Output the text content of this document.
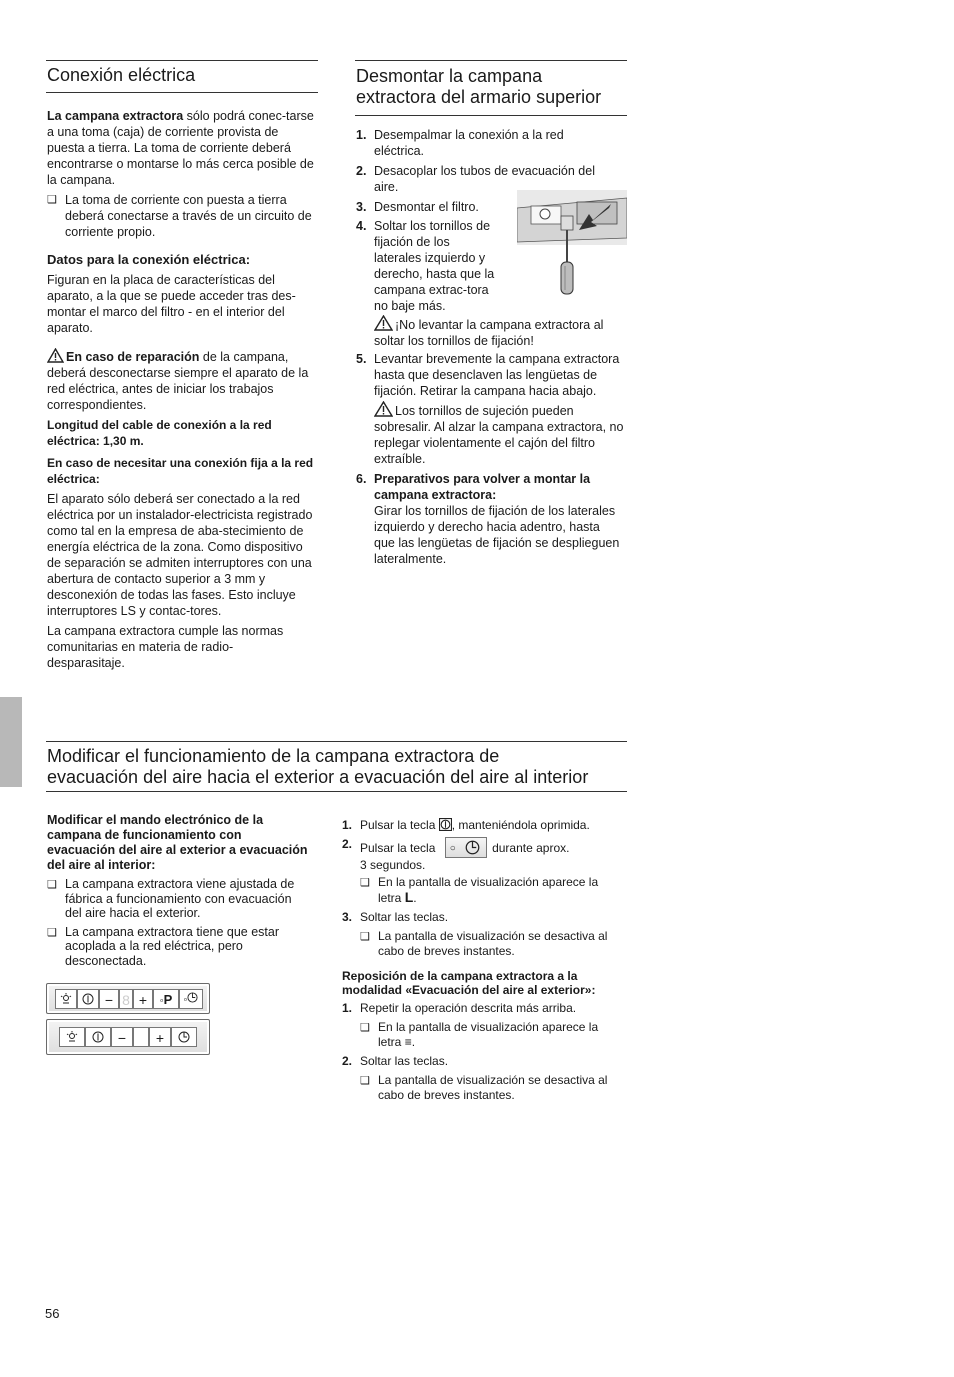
Conexión eléctrica

La campana extractora sólo podrá conec-tarse a una toma (caja) de corriente provista de puesta a tierra. La toma de corriente deberá encontrarse o montarse lo más cerca posible de la campana.

❑ La toma de corriente con puesta a tierra deberá conectarse a través de un circuito de corriente propio.

Datos para la conexión eléctrica:

Figuran en la placa de características del aparato, a la que se puede acceder tras des-montar el marco del filtro - en el interior del aparato.

En caso de reparación de la campana, deberá desconectarse siempre el aparato de la red eléctrica, antes de iniciar los trabajos correspondientes.

Longitud del cable de conexión a la red eléctrica: 1,30 m.

En caso de necesitar una conexión fija a la red eléctrica:

El aparato sólo deberá ser conectado a la red eléctrica por un instalador-electricista registrado como tal en la empresa de aba-stecimiento de energía eléctrica de la zona. Como dispositivo de separación se admiten interruptores con una abertura de contacto superior a 3 mm y desconexión de todas las fases. Esto incluye interruptores LS y contac-tores.

La campana extractora cumple las normas comunitarias en materia de radio-desparasitaje.

Desmontar la campana
extractora del armario superior
1. Desempalmar la conexión a la red eléctrica.
2. Desacoplar los tubos de evacuación del aire.
3. Desmontar el filtro.
4. Soltar los tornillos de fijación de los laterales izquierdo y derecho, hasta que la campana extrac-tora no baje más.
¡No levantar la campana extractora al soltar los tornillos de fijación!
5. Levantar brevemente la campana extractora hasta que desenclaven las lengüetas de fijación. Retirar la campana hacia abajo.
Los tornillos de sujeción pueden sobresalir. Al alzar la campana extractora, no replegar violentamente el cajón del filtro extraíble.
6. Preparativos para volver a montar la campana extractora:
Girar los tornillos de fijación de los laterales izquierdo y derecho hacia adentro, hasta que las lengüetas de fijación se desplieguen lateralmente.
Modificar el funcionamiento de la campana extractora de
evacuación del aire hacia el exterior a evacuación del aire al interior

Modificar el mando electrónico de la campana de funcionamiento con evacuación del aire al exterior a evacuación del aire al interior:

❑ La campana extractora viene ajustada de fábrica a funcionamiento con evacuación del aire hacia el exterior.
❑ La campana extractora tiene que estar acoplada a la red eléctrica, pero desconectada.
− 8 +	◦P	◦
−	+
1. Pulsar la tecla , manteniéndola oprimida.
2. Pulsar la tecla ○	durante aprox.
3 segundos.
❑ En la pantalla de visualización aparece la letra L.
3. Soltar las teclas.
❑ La pantalla de visualización se desactiva al cabo de breves instantes.

Reposición de la campana extractora a la modalidad «Evacuación del aire al exterior»:

1. Repetir la operación descrita más arriba.
❑ En la pantalla de visualización aparece la letra ≡.
2. Soltar las teclas.
❑ La pantalla de visualización se desactiva al cabo de breves instantes.
56
